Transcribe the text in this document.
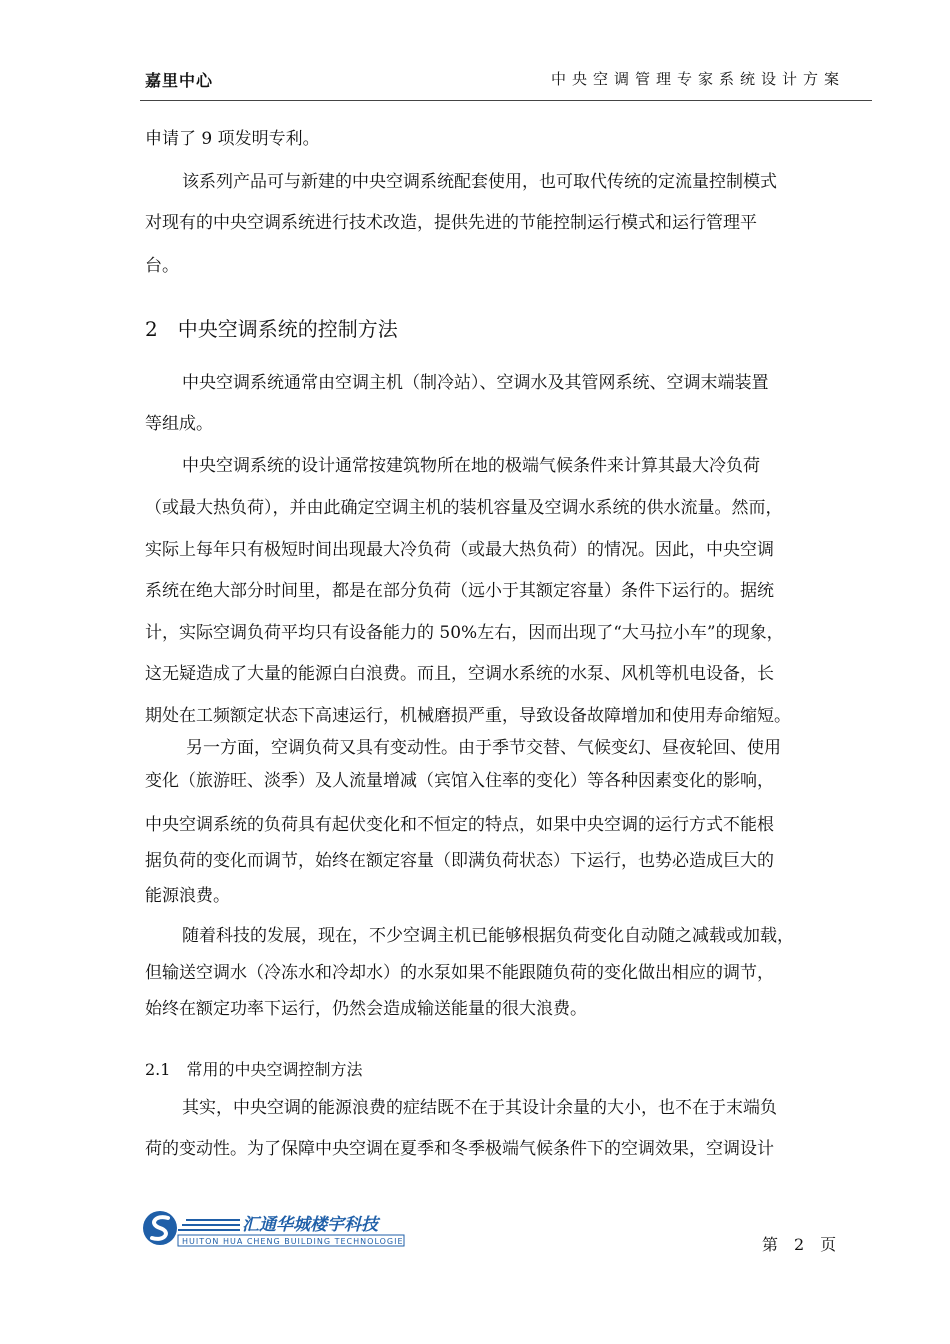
嘉里中心	中央空调管理专家系统设计方案
申请了 9 项发明专利。
该系列产品可与新建的中央空调系统配套使用，也可取代传统的定流量控制模式
对现有的中央空调系统进行技术改造，提供先进的节能控制运行模式和运行管理平
台。
2　中央空调系统的控制方法
中央空调系统通常由空调主机（制冷站）、空调水及其管网系统、空调末端装置
等组成。
中央空调系统的设计通常按建筑物所在地的极端气候条件来计算其最大冷负荷
（或最大热负荷），并由此确定空调主机的装机容量及空调水系统的供水流量。然而，
实际上每年只有极短时间出现最大冷负荷（或最大热负荷）的情况。因此，中央空调
系统在绝大部分时间里，都是在部分负荷（远小于其额定容量）条件下运行的。据统
计，实际空调负荷平均只有设备能力的 50%左右，因而出现了“大马拉小车”的现象，
这无疑造成了大量的能源白白浪费。而且，空调水系统的水泵、风机等机电设备，长
期处在工频额定状态下高速运行，机械磨损严重，导致设备故障增加和使用寿命缩短。
另一方面，空调负荷又具有变动性。由于季节交替、气候变幻、昼夜轮回、使用
变化（旅游旺、淡季）及人流量增减（宾馆入住率的变化）等各种因素变化的影响，
中央空调系统的负荷具有起伏变化和不恒定的特点，如果中央空调的运行方式不能根
据负荷的变化而调节，始终在额定容量（即满负荷状态）下运行，也势必造成巨大的
能源浪费。
随着科技的发展，现在，不少空调主机已能够根据负荷变化自动随之减载或加载，
但输送空调水（冷冻水和冷却水）的水泵如果不能跟随负荷的变化做出相应的调节，
始终在额定功率下运行，仍然会造成输送能量的很大浪费。
2.1　常用的中央空调控制方法
其实，中央空调的能源浪费的症结既不在于其设计余量的大小，也不在于末端负
荷的变动性。为了保障中央空调在夏季和冬季极端气候条件下的空调效果，空调设计
汇通华城楼宇科技
HUITON HUA CHENG BUILDING TECHNOLOGIE	第　2　页
